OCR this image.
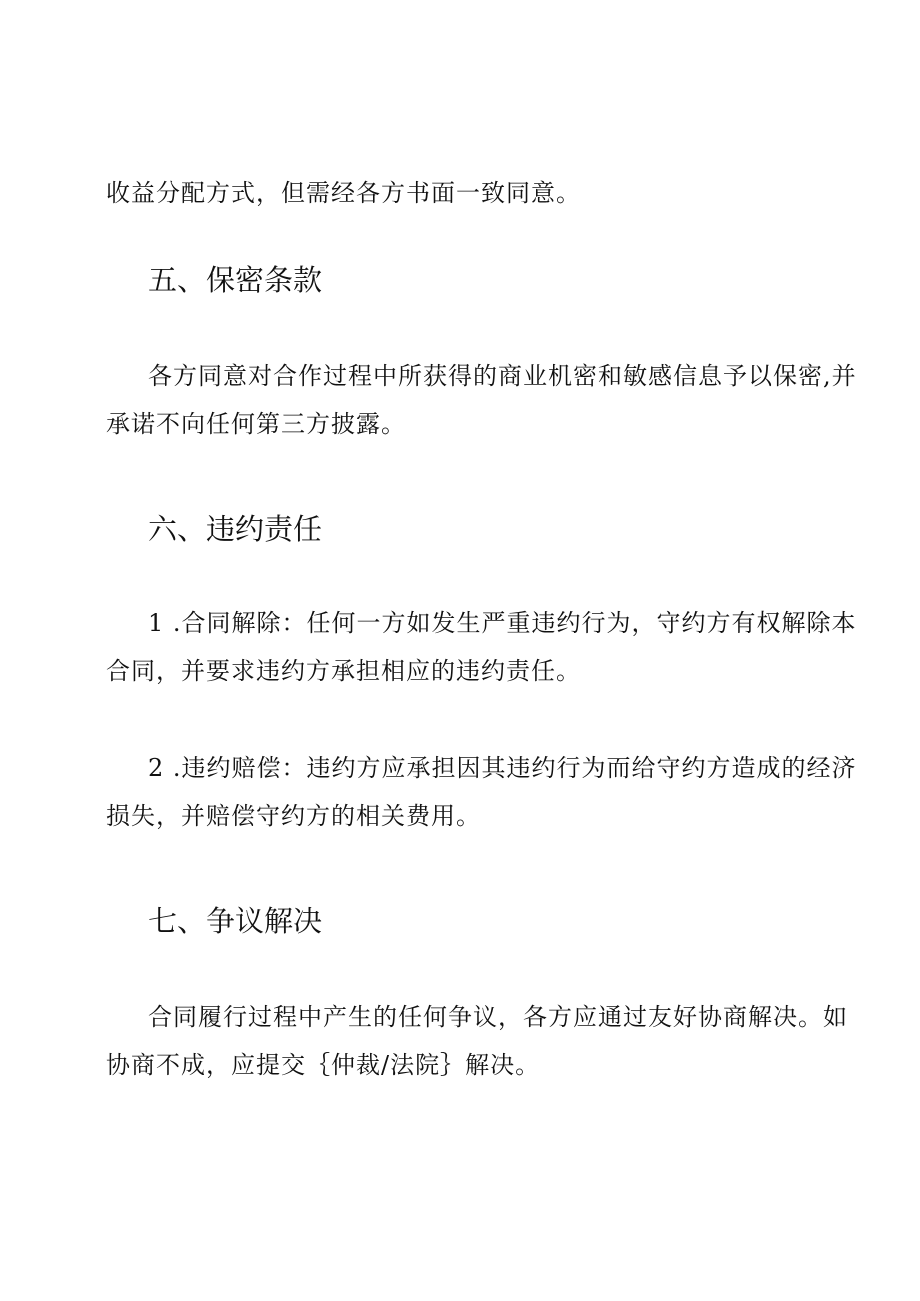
收益分配方式，但需经各方书面一致同意。
五、保密条款
各方同意对合作过程中所获得的商业机密和敏感信息予以保密,并
承诺不向任何第三方披露。
六、违约责任
1 .合同解除：任何一方如发生严重违约行为，守约方有权解除本
合同，并要求违约方承担相应的违约责任。
2 .违约赔偿：违约方应承担因其违约行为而给守约方造成的经济
损失，并赔偿守约方的相关费用。
七、争议解决
合同履行过程中产生的任何争议，各方应通过友好协商解决。如
协商不成，应提交｛仲裁/法院｝解决。
